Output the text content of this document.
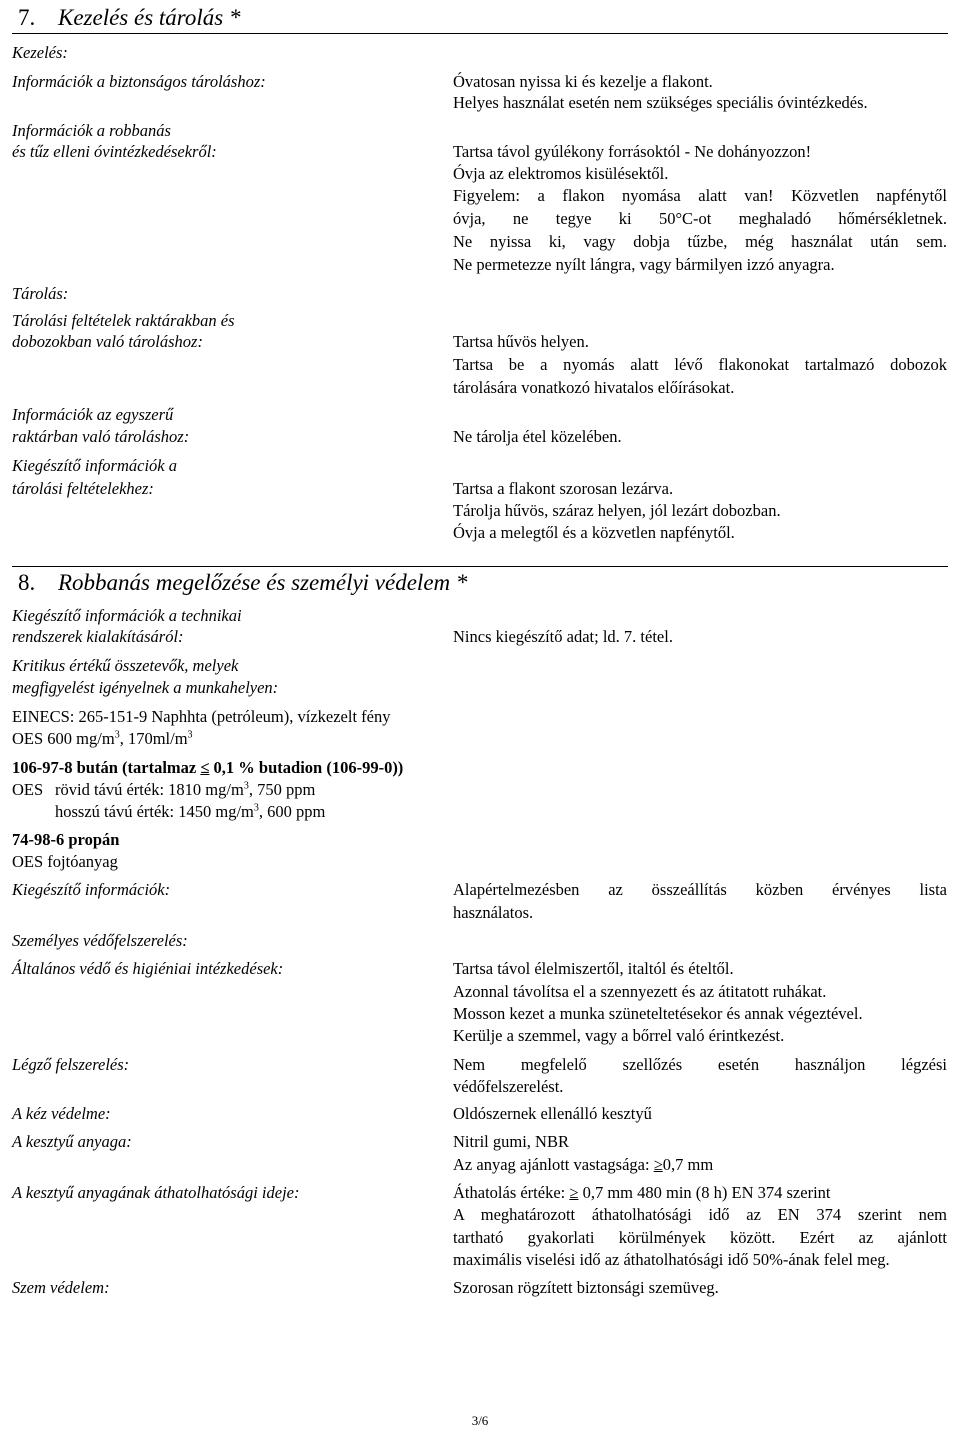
7. Kezelés és tárolás *
Kezelés:
Információk a biztonságos tároláshoz:	Óvatosan nyissa ki és kezelje a flakont.
Helyes használat esetén nem szükséges speciális óvintézkedés.
Információk a robbanás
és tűz elleni óvintézkedésekről:	Tartsa távol gyúlékony forrásoktól - Ne dohányozzon!
Óvja az elektromos kisülésektől.
Figyelem: a flakon nyomása alatt van! Közvetlen napfénytől
óvja, ne tegye ki 50°C-ot meghaladó hőmérsékletnek.
Ne nyissa ki, vagy dobja tűzbe, még használat után sem.
Ne permetezze nyílt lángra, vagy bármilyen izzó anyagra.
Tárolás:
Tárolási feltételek raktárakban és
dobozokban való tároláshoz:	Tartsa hűvös helyen.
Tartsa be a nyomás alatt lévő flakonokat tartalmazó dobozok
tárolására vonatkozó hivatalos előírásokat.
Információk az egyszerű
raktárban való tároláshoz:	Ne tárolja étel közelében.
Kiegészítő információk a
tárolási feltételekhez:	Tartsa a flakont szorosan lezárva.
Tárolja hűvös, száraz helyen, jól lezárt dobozban.
Óvja a melegtől és a közvetlen napfénytől.
8. Robbanás megelőzése és személyi védelem *
Kiegészítő információk a technikai
rendszerek kialakításáról:	Nincs kiegészítő adat; ld. 7. tétel.
Kritikus értékű összetevők, melyek
megfigyelést igényelnek a munkahelyen:
EINECS: 265-151-9 Naphhta (petróleum), vízkezelt fény
OES 600 $mg/m^3$, $170ml/m^3$
106-97-8 bután (tartalmaz ≤ 0,1 % butadion (106-99-0))
OES rövid távú érték: 1810 $mg/m^3$, 750 ppm
hosszú távú érték: 1450 $mg/m^3$, 600 ppm
74-98-6 propán
OES fojtóanyag
Kiegészítő információk:	Alapértelmezésben az összeállítás közben érvényes lista
használatos.
Személyes védőfelszerelés:
Általános védő és higiéniai intézkedések:	Tartsa távol élelmiszertől, italtól és ételtől.
Azonnal távolítsa el a szennyezett és az átitatott ruhákat.
Mosson kezet a munka szüneteltetésekor és annak végeztével.
Kerülje a szemmel, vagy a bőrrel való érintkezést.
Légző felszerelés:	Nem megfelelő szellőzés esetén használjon légzési
védőfelszerelést.
A kéz védelme:	Oldószernek ellenálló kesztyű
A kesztyű anyaga:	Nitril gumi, NBR
Az anyag ajánlott vastagsága: ≥0,7 mm
A kesztyű anyagának áthatolhatósági ideje:	Áthatolás értéke: ≥ 0,7 mm 480 min (8 h) EN 374 szerint
A meghatározott áthatolhatósági idő az EN 374 szerint nem
tartható gyakorlati körülmények között. Ezért az ajánlott
maximális viselési idő az áthatolhatósági idő 50%-ának felel meg.
Szem védelem:	Szorosan rögzített biztonsági szemüveg.
3/6
